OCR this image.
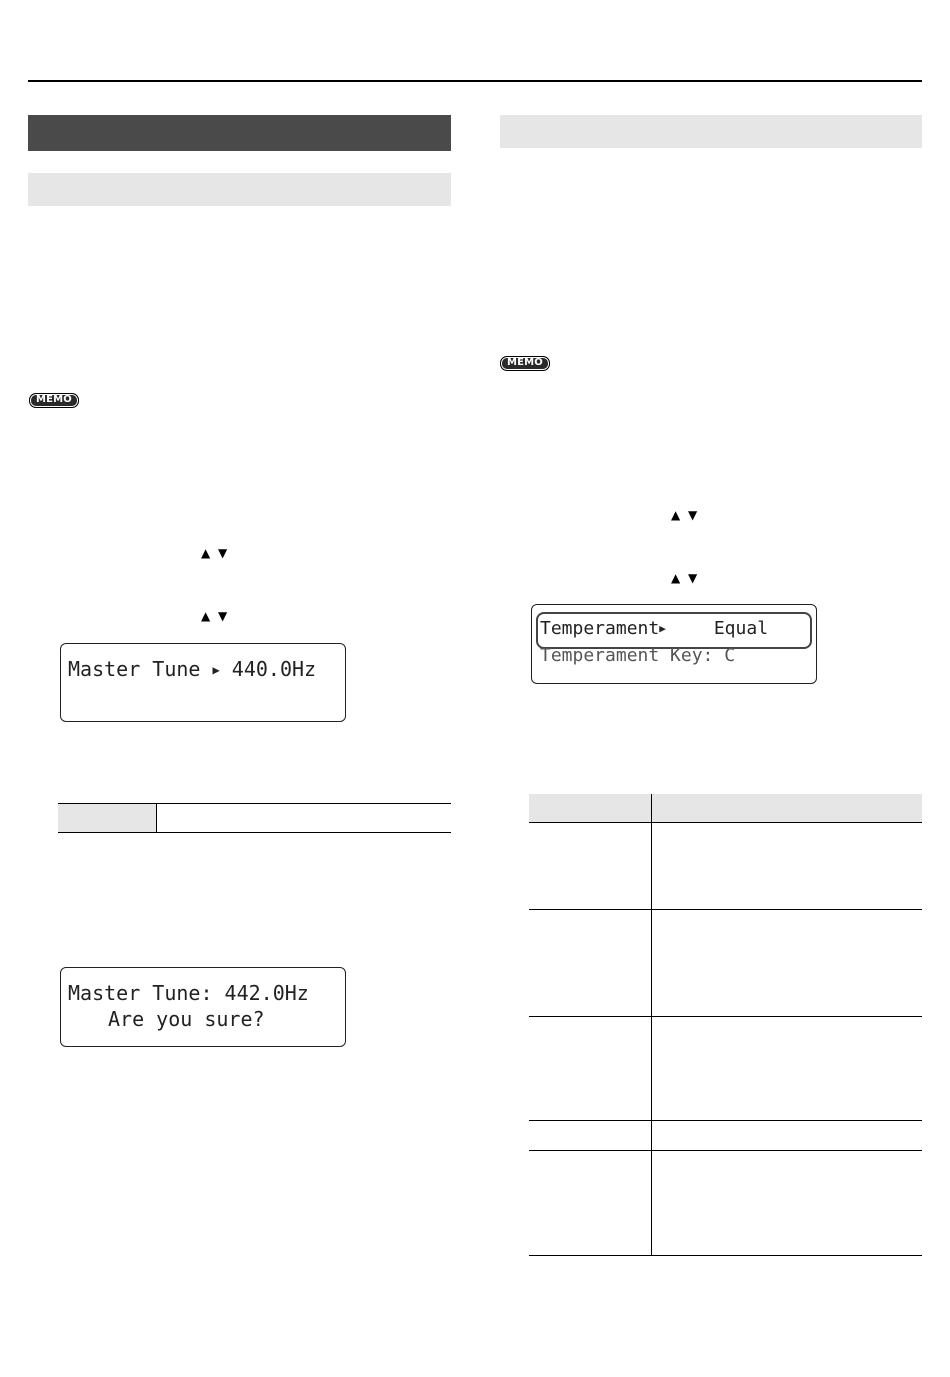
MEMO
▲ ▼
▲ ▼

Master Tune ▶ 440.0Hz

Master Tune: 442.0Hz

Are you sure?

MEMO
▲ ▼
▲ ▼

Temperament▶	Equal

Temperament Key: C
